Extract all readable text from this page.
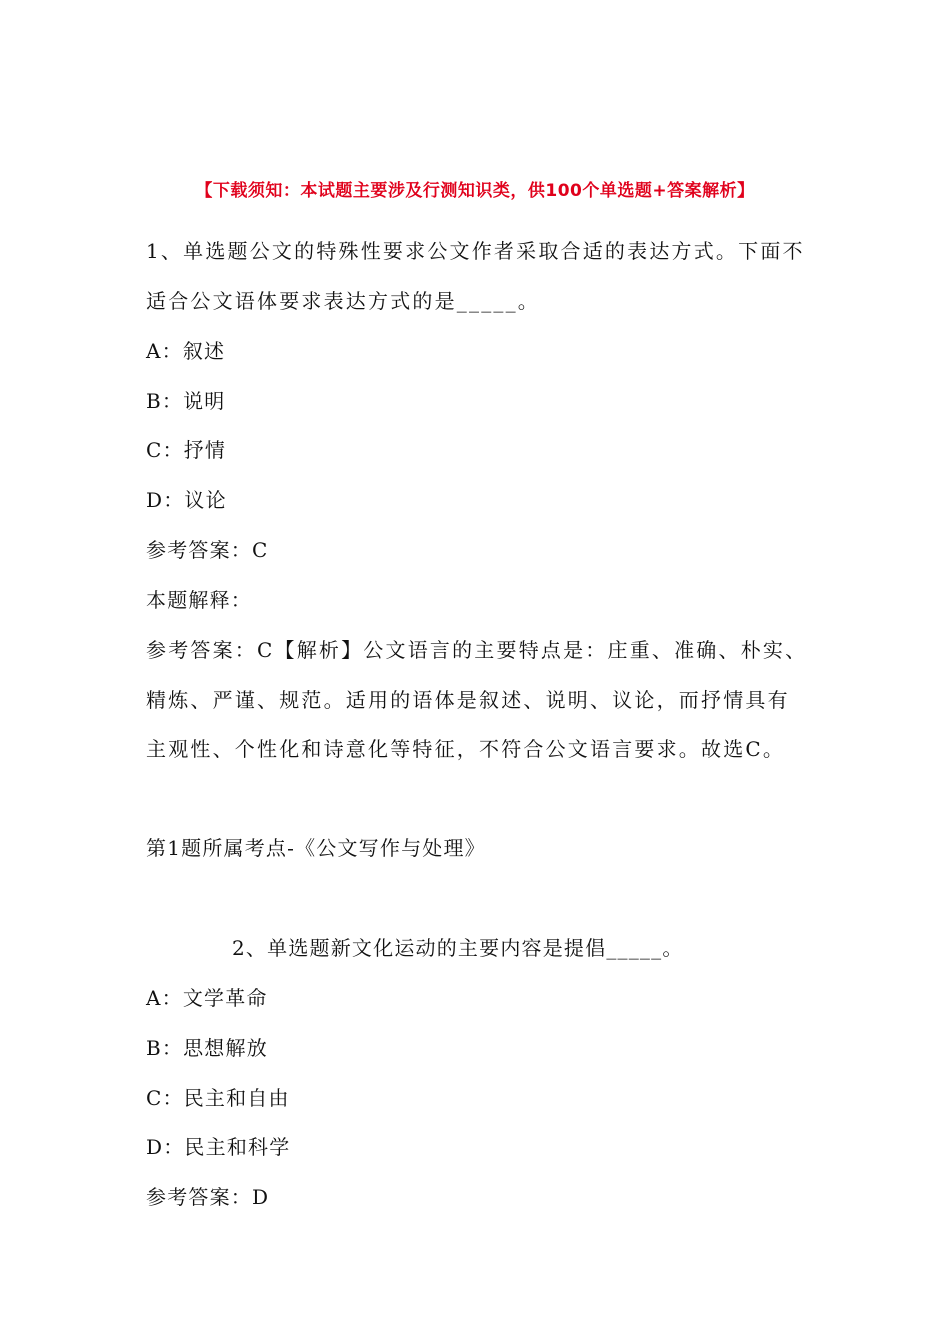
【下载须知：本试题主要涉及行测知识类，供100个单选题+答案解析】
1、单选题公文的特殊性要求公文作者采取合适的表达方式。下面不
适合公文语体要求表达方式的是_____。
A：叙述
B：说明
C：抒情
D：议论
参考答案：C
本题解释：
参考答案：C【解析】公文语言的主要特点是：庄重、准确、朴实、
精炼、严谨、规范。适用的语体是叙述、说明、议论，而抒情具有
主观性、个性化和诗意化等特征，不符合公文语言要求。故选C。
第1题所属考点-《公文写作与处理》
2、单选题新文化运动的主要内容是提倡_____。
A：文学革命
B：思想解放
C：民主和自由
D：民主和科学
参考答案：D
